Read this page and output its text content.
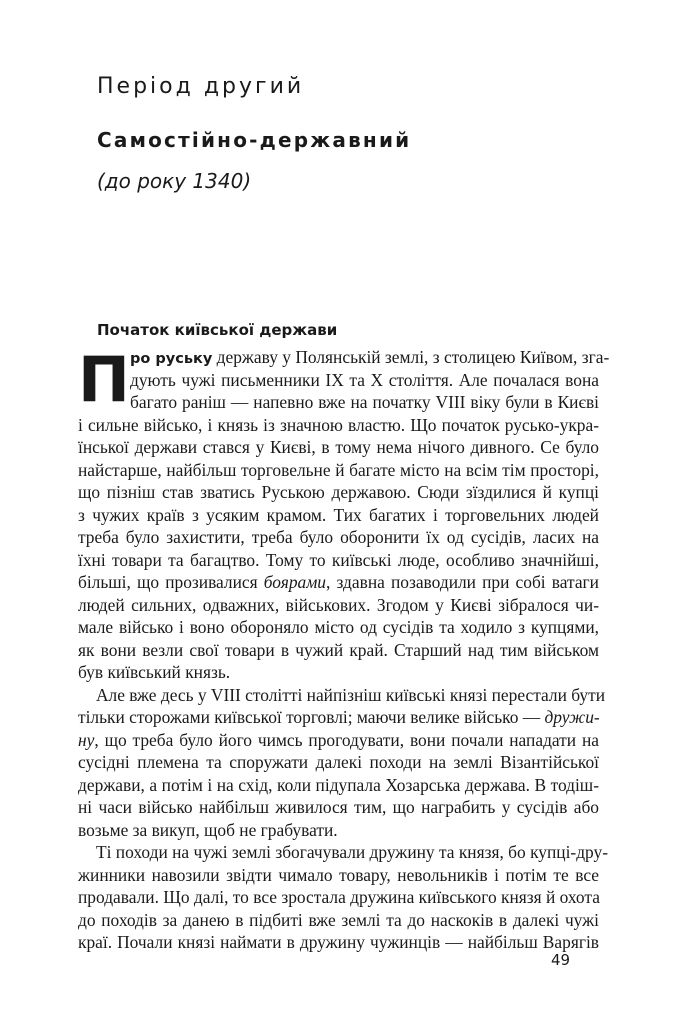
Період другий
Самостійно-державний
(до року 1340)
Початок київської держави
П ро руську державу у Полянській землі, з столицею Київом, зга-
дують чужі письменники IX та X століття. Але почалася вона
багато раніш — напевно вже на початку VIII віку були в Києві
і сильне військо, і князь із значною властю. Що початок русько-укра-
їнської держави стався у Києві, в тому нема нічого дивного. Се було
найстарше, найбільш торговельне й багате місто на всім тім просторі,
що пізніш став зватись Руською державою. Сюди зїздилися й купці
з чужих країв з усяким крамом. Тих багатих і торговельних людей
треба було захистити, треба було оборонити їх од сусідів, ласих на
їхні товари та багацтво. Тому то київські люде, особливо значнійші,
більші, що прозивалися боярами, здавна позаводили при собі ватаги
людей сильних, одважних, військових. Згодом у Києві зібралося чи-
мале військо і воно обороняло місто од сусідів та ходило з купцями,
як вони везли свої товари в чужий край. Старший над тим військом
був київський князь.
Але вже десь у VIII столітті найпізніш київські князі перестали бути
тільки сторожами київської торговлі; маючи велике військо — дружи-
ну, що треба було його чимсь прогодувати, вони почали нападати на
сусідні племена та споружати далекі походи на землі Візантійської
держави, а потім і на схід, коли підупала Хозарська держава. В тодіш-
ні часи військо найбільш живилося тим, що награбить у сусідів або
возьме за викуп, щоб не грабувати.
Ті походи на чужі землі збогачували дружину та князя, бо купці-дру-
жинники навозили звідти чимало товару, невольників і потім те все
продавали. Що далі, то все зростала дружина київського князя й охота
до походів за данею в підбиті вже землі та до наскоків в далекі чужі
краї. Почали князі наймати в дружину чужинців — найбільш Варягів
49
